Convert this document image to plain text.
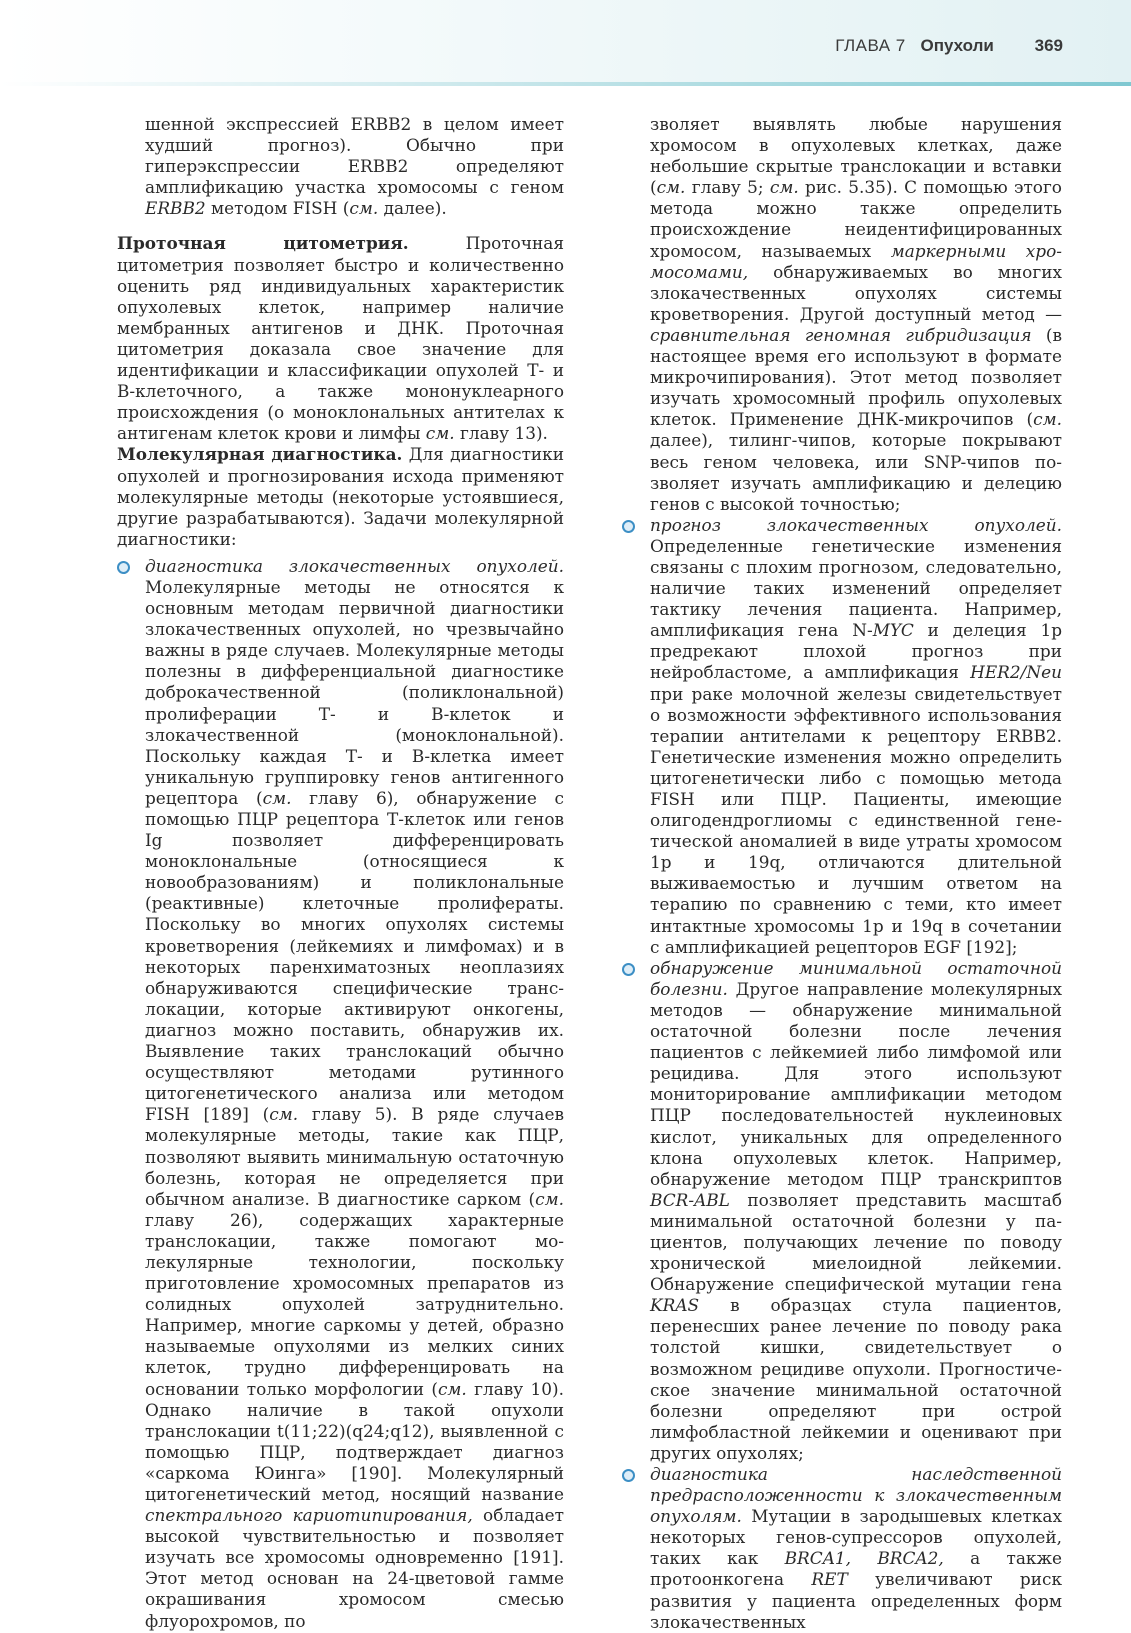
ГЛАВА 7 Опухоли 369

шенной экспрессией ERBB2 в целом имеет худший прогноз). Обычно при гиперэкспрессии ERBB2 определяют амплификацию участка хромосомы с геном ERBB2 методом FISH (см. далее).

Проточная цитометрия. Проточная цитометрия позволяет быстро и количественно оценить ряд индивидуальных характеристик опухолевых клеток, например наличие мембранных антигенов и ДНК. Проточная цитометрия доказала свое значение для идентификации и классификации опухолей Т- и В-клеточного, а также мононуклеарного происхождения (о моноклональных антителах к антигенам клеток крови и лимфы см. главу 13).

Молекулярная диагностика. Для диагностики опухолей и прогнозирования исхода применяют молекулярные методы (некоторые устоявшиеся, другие разрабатываются). Задачи молекулярной диагностики:

диагностика злокачественных опухолей. Молекулярные методы не относятся к основным методам первичной диагностики злокачественных опухолей, но чрезвычайно важны в ряде случаев. Молекулярные методы полезны в дифференциальной диагностике доброкачественной (поликлональной) пролиферации Т- и В-клеток и злокачественной (моноклональной). Поскольку каждая Т- и В-клетка имеет уникальную группировку генов антигенного рецептора (см. главу 6), обнаружение с помощью ПЦР рецептора Т-клеток или генов Ig позволяет дифференцировать моноклональные (относящиеся к новообразованиям) и поликлональные (реактивные) клеточные пролифераты. Поскольку во многих опухолях системы кроветворения (лейкемиях и лимфомах) и в некоторых паренхиматозных неоплазиях обнаруживаются специфические транслокации, которые активируют онкогены, диагноз можно поставить, обнаружив их. Выявление таких транслокаций обычно осуществляют методами рутинного цитогенетического анализа или методом FISH [189] (см. главу 5). В ряде случаев молекулярные методы, такие как ПЦР, позволяют выявить минимальную остаточную болезнь, которая не определяется при обычном анализе. В диагностике сарком (см. главу 26), содержащих характерные транслокации, также помогают молекулярные технологии, поскольку приготовление хромосомных препаратов из солидных опухолей затруднительно. Например, многие саркомы у детей, образно называемые опухолями из мелких синих клеток, трудно дифференцировать на основании только морфологии (см. главу 10). Однако наличие в такой опухоли транслокации t(11;22)(q24;q12), выявленной с помощью ПЦР, подтверждает диагноз «саркома Юинга» [190]. Молекулярный цитогенетический метод, носящий название спектрального кариотипирования, обладает высокой чувствительностью и позволяет изучать все хромосомы одновременно [191]. Этот метод основан на 24-цветовой гамме окрашивания хромосом смесью флуорохромов, по

зволяет выявлять любые нарушения хромосом в опухолевых клетках, даже небольшие скрытые транслокации и вставки (см. главу 5; см. рис. 5.35). С помощью этого метода можно также определить происхождение неидентифицированных хромосом, называемых маркерными хромосомами, обнаруживаемых во многих злокачественных опухолях системы кроветворения. Другой доступный метод — сравнительная геномная гибридизация (в настоящее время его используют в формате микрочипирования). Этот метод позволяет изучать хромосомный профиль опухолевых клеток. Применение ДНК-микрочипов (см. далее), тилинг-чипов, которые покрывают весь геном человека, или SNP-чипов позволяет изучать амплификацию и делецию генов с высокой точностью;

прогноз злокачественных опухолей. Определенные генетические изменения связаны с плохим прогнозом, следовательно, наличие таких изменений определяет тактику лечения пациента. Например, амплификация гена N-MYC и делеция 1p предрекают плохой прогноз при нейробластоме, а амплификация HER2/Neu при раке молочной железы свидетельствует о возможности эффективного использования терапии антителами к рецептору ERBB2. Генетические изменения можно определить цитогенетически либо с помощью метода FISH или ПЦР. Пациенты, имеющие олигодендроглиомы с единственной генетической аномалией в виде утраты хромосом 1p и 19q, отличаются длительной выживаемостью и лучшим ответом на терапию по сравнению с теми, кто имеет интактные хромосомы 1p и 19q в сочетании с амплификацией рецепторов EGF [192];

обнаружение минимальной остаточной болезни. Другое направление молекулярных методов — обнаружение минимальной остаточной болезни после лечения пациентов с лейкемией либо лимфомой или рецидива. Для этого используют мониторирование амплификации методом ПЦР последовательностей нуклеиновых кислот, уникальных для определенного клона опухолевых клеток. Например, обнаружение методом ПЦР транскриптов BCR-ABL позволяет представить масштаб минимальной остаточной болезни у пациентов, получающих лечение по поводу хронической миелоидной лейкемии. Обнаружение специфической мутации гена KRAS в образцах стула пациентов, перенесших ранее лечение по поводу рака толстой кишки, свидетельствует о возможном рецидиве опухоли. Прогностическое значение минимальной остаточной болезни определяют при острой лимфобластной лейкемии и оценивают при других опухолях;

диагностика наследственной предрасположенности к злокачественным опухолям. Мутации в зародышевых клетках некоторых генов-супрессоров опухолей, таких как BRCA1, BRCA2, а также протоонкогена RET увеличивают риск развития у пациента определенных форм злокачественных
